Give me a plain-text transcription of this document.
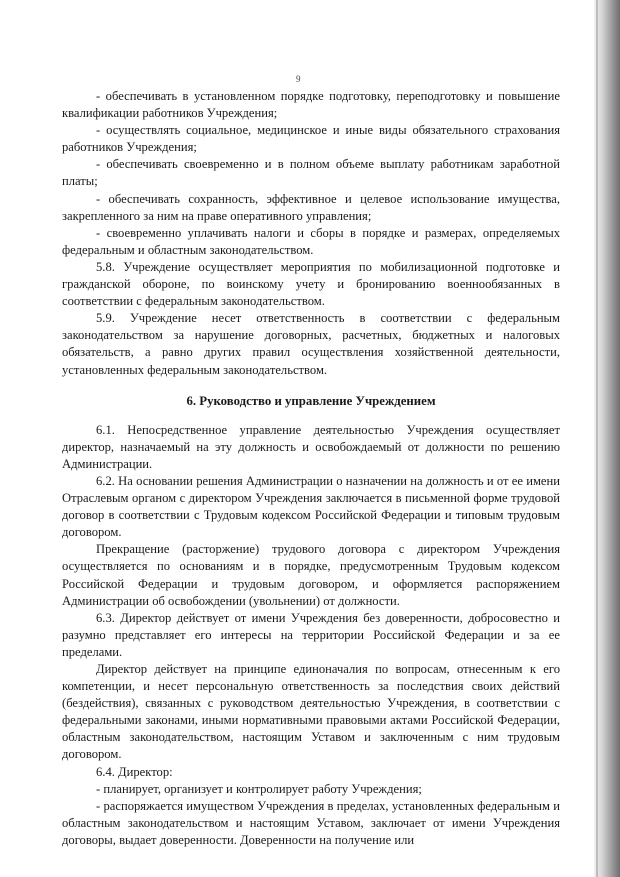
9

- обеспечивать в установленном порядке подготовку, переподготовку и повышение квалификации работников Учреждения;

- осуществлять социальное, медицинское и иные виды обязательного страхования работников Учреждения;

- обеспечивать своевременно и в полном объеме выплату работникам заработной платы;

- обеспечивать сохранность, эффективное и целевое использование имущества, закрепленного за ним на праве оперативного управления;

- своевременно уплачивать налоги и сборы в порядке и размерах, определяемых федеральным и областным законодательством.

5.8. Учреждение осуществляет мероприятия по мобилизационной подготовке и гражданской обороне, по воинскому учету и бронированию военнообязанных в соответствии с федеральным законодательством.

5.9. Учреждение несет ответственность в соответствии с федеральным законодательством за нарушение договорных, расчетных, бюджетных и налоговых обязательств, а равно других правил осуществления хозяйственной деятельности, установленных федеральным законодательством.

6. Руководство и управление Учреждением

6.1. Непосредственное управление деятельностью Учреждения осуществляет директор, назначаемый на эту должность и освобождаемый от должности по решению Администрации.

6.2. На основании решения Администрации о назначении на должность и от ее имени Отраслевым органом с директором Учреждения заключается в письменной форме трудовой договор в соответствии с Трудовым кодексом Российской Федерации и типовым трудовым договором.

Прекращение (расторжение) трудового договора с директором Учреждения осуществляется по основаниям и в порядке, предусмотренным Трудовым кодексом Российской Федерации и трудовым договором, и оформляется распоряжением Администрации об освобождении (увольнении) от должности.

6.3. Директор действует от имени Учреждения без доверенности, добросовестно и разумно представляет его интересы на территории Российской Федерации и за ее пределами.

Директор действует на принципе единоначалия по вопросам, отнесенным к его компетенции, и несет персональную ответственность за последствия своих действий (бездействия), связанных с руководством деятельностью Учреждения, в соответствии с федеральными законами, иными нормативными правовыми актами Российской Федерации, областным законодательством, настоящим Уставом и заключенным с ним трудовым договором.

6.4. Директор:

- планирует, организует и контролирует работу Учреждения;

- распоряжается имуществом Учреждения в пределах, установленных федеральным и областным законодательством и настоящим Уставом, заключает от имени Учреждения договоры, выдает доверенности. Доверенности на получение или
